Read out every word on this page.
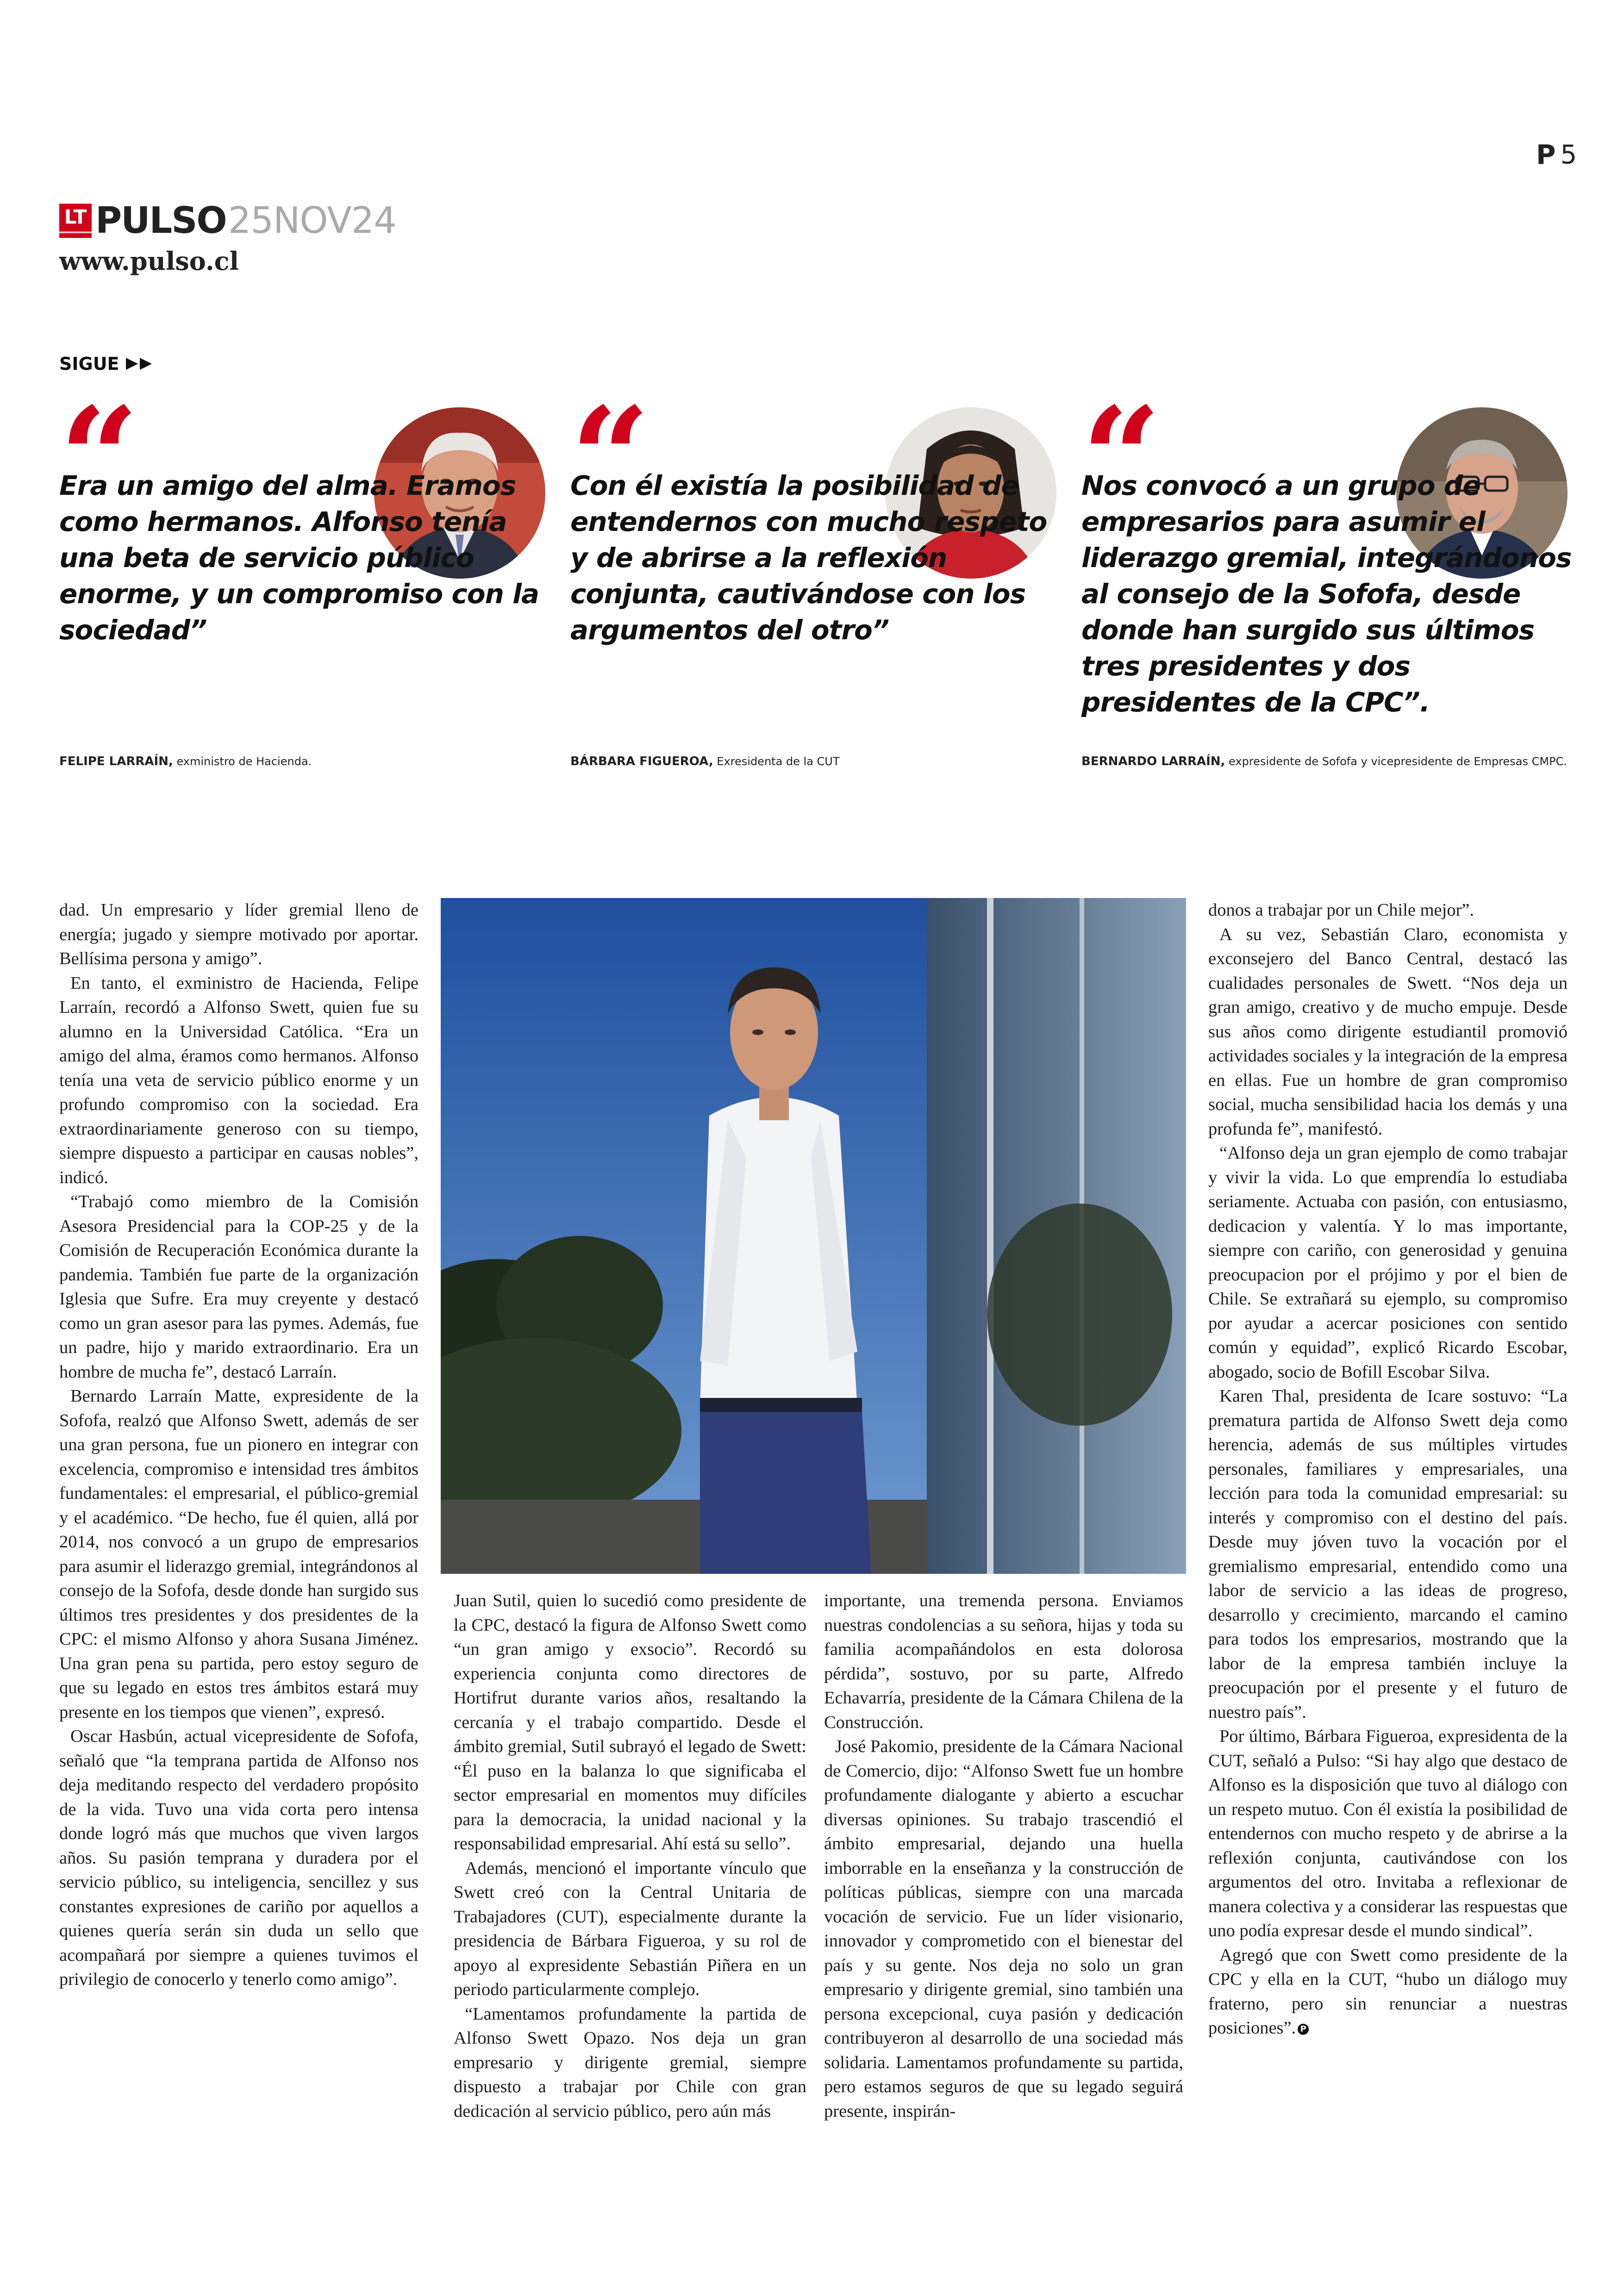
P 5
LT PULSO 25NOV24
www.pulso.cl
SIGUE
“
Era un amigo del alma. Eramos como hermanos. Alfonso tenía una beta de servicio público enorme, y un compromiso con la sociedad”
FELIPE LARRAÍN, exministro de Hacienda.
“
Con él existía la posibilidad de entendernos con mucho respeto y de abrirse a la reflexión conjunta, cautivándose con los argumentos del otro”
BÁRBARA FIGUEROA, Exresidenta de la CUT
“
Nos convocó a un grupo de empresarios para asumir el liderazgo gremial, integrándonos al consejo de la Sofofa, desde donde han surgido sus últimos tres presidentes y dos presidentes de la CPC”.
BERNARDO LARRAÍN, expresidente de Sofofa y vicepresidente de Empresas CMPC.

dad. Un empresario y líder gremial lleno de energía; jugado y siempre motivado por aportar. Bellísima persona y amigo”.

En tanto, el exministro de Hacienda, Felipe Larraín, recordó a Alfonso Swett, quien fue su alumno en la Universidad Católica. “Era un amigo del alma, éramos como hermanos. Alfonso tenía una veta de servicio público enorme y un profundo compromiso con la sociedad. Era extraordinariamente generoso con su tiempo, siempre dispuesto a participar en causas nobles”, indicó.

“Trabajó como miembro de la Comisión Asesora Presidencial para la COP-25 y de la Comisión de Recuperación Económica durante la pandemia. También fue parte de la organización Iglesia que Sufre. Era muy creyente y destacó como un gran asesor para las pymes. Además, fue un padre, hijo y marido extraordinario. Era un hombre de mucha fe”, destacó Larraín.

Bernardo Larraín Matte, expresidente de la Sofofa, realzó que Alfonso Swett, además de ser una gran persona, fue un pionero en integrar con excelencia, compromiso e intensidad tres ámbitos fundamentales: el empresarial, el público-gremial y el académico. “De hecho, fue él quien, allá por 2014, nos convocó a un grupo de empresarios para asumir el liderazgo gremial, integrándonos al consejo de la Sofofa, desde donde han surgido sus últimos tres presidentes y dos presidentes de la CPC: el mismo Alfonso y ahora Susana Jiménez. Una gran pena su partida, pero estoy seguro de que su legado en estos tres ámbitos estará muy presente en los tiempos que vienen”, expresó.

Oscar Hasbún, actual vicepresidente de Sofofa, señaló que “la temprana partida de Alfonso nos deja meditando respecto del verdadero propósito de la vida. Tuvo una vida corta pero intensa donde logró más que muchos que viven largos años. Su pasión temprana y duradera por el servicio público, su inteligencia, sencillez y sus constantes expresiones de cariño por aquellos a quienes quería serán sin duda un sello que acompañará por siempre a quienes tuvimos el privilegio de conocerlo y tenerlo como amigo”.

Juan Sutil, quien lo sucedió como presidente de la CPC, destacó la figura de Alfonso Swett como “un gran amigo y exsocio”. Recordó su experiencia conjunta como directores de Hortifrut durante varios años, resaltando la cercanía y el trabajo compartido. Desde el ámbito gremial, Sutil subrayó el legado de Swett: “Él puso en la balanza lo que significaba el sector empresarial en momentos muy difíciles para la democracia, la unidad nacional y la responsabilidad empresarial. Ahí está su sello”.

Además, mencionó el importante vínculo que Swett creó con la Central Unitaria de Trabajadores (CUT), especialmente durante la presidencia de Bárbara Figueroa, y su rol de apoyo al expresidente Sebastián Piñera en un periodo particularmente complejo.

“Lamentamos profundamente la partida de Alfonso Swett Opazo. Nos deja un gran empresario y dirigente gremial, siempre dispuesto a trabajar por Chile con gran dedicación al servicio público, pero aún más

importante, una tremenda persona. Enviamos nuestras condolencias a su señora, hijas y toda su familia acompañándolos en esta dolorosa pérdida”, sostuvo, por su parte, Alfredo Echavarría, presidente de la Cámara Chilena de la Construcción.

José Pakomio, presidente de la Cámara Nacional de Comercio, dijo: “Alfonso Swett fue un hombre profundamente dialogante y abierto a escuchar diversas opiniones. Su trabajo trascendió el ámbito empresarial, dejando una huella imborrable en la enseñanza y la construcción de políticas públicas, siempre con una marcada vocación de servicio. Fue un líder visionario, innovador y comprometido con el bienestar del país y su gente. Nos deja no solo un gran empresario y dirigente gremial, sino también una persona excepcional, cuya pasión y dedicación contribuyeron al desarrollo de una sociedad más solidaria. Lamentamos profundamente su partida, pero estamos seguros de que su legado seguirá presente, inspirán-

donos a trabajar por un Chile mejor”.

A su vez, Sebastián Claro, economista y exconsejero del Banco Central, destacó las cualidades personales de Swett. “Nos deja un gran amigo, creativo y de mucho empuje. Desde sus años como dirigente estudiantil promovió actividades sociales y la integración de la empresa en ellas. Fue un hombre de gran compromiso social, mucha sensibilidad hacia los demás y una profunda fe”, manifestó.

“Alfonso deja un gran ejemplo de como trabajar y vivir la vida. Lo que emprendía lo estudiaba seriamente. Actuaba con pasión, con entusiasmo, dedicacion y valentía. Y lo mas importante, siempre con cariño, con generosidad y genuina preocupacion por el prójimo y por el bien de Chile. Se extrañará su ejemplo, su compromiso por ayudar a acercar posiciones con sentido común y equidad”, explicó Ricardo Escobar, abogado, socio de Bofill Escobar Silva.

Karen Thal, presidenta de Icare sostuvo: “La prematura partida de Alfonso Swett deja como herencia, además de sus múltiples virtudes personales, familiares y empresariales, una lección para toda la comunidad empresarial: su interés y compromiso con el destino del país. Desde muy jóven tuvo la vocación por el gremialismo empresarial, entendido como una labor de servicio a las ideas de progreso, desarrollo y crecimiento, marcando el camino para todos los empresarios, mostrando que la labor de la empresa también incluye la preocupación por el presente y el futuro de nuestro país”.

Por último, Bárbara Figueroa, expresidenta de la CUT, señaló a Pulso: “Si hay algo que destaco de Alfonso es la disposición que tuvo al diálogo con un respeto mutuo. Con él existía la posibilidad de entendernos con mucho respeto y de abrirse a la reflexión conjunta, cautivándose con los argumentos del otro. Invitaba a reflexionar de manera colectiva y a considerar las respuestas que uno podía expresar desde el mundo sindical”.

Agregó que con Swett como presidente de la CPC y ella en la CUT, “hubo un diálogo muy fraterno, pero sin renunciar a nuestras posiciones”. P
